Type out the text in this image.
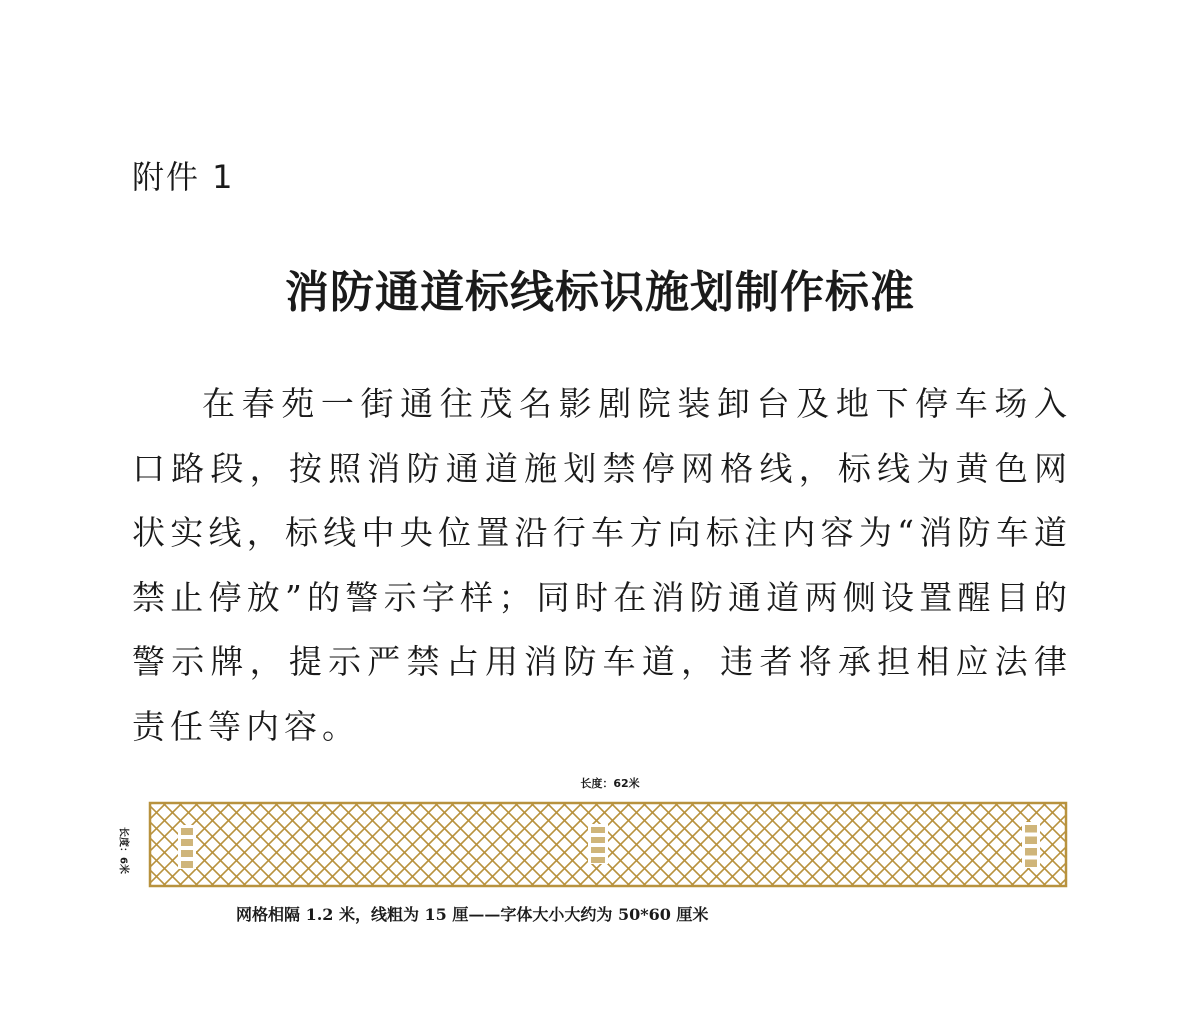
附件 1
消防通道标线标识施划制作标准
在春苑一街通往茂名影剧院装卸台及地下停车场入口路段，按照消防通道施划禁停网格线，标线为黄色网状实线，标线中央位置沿行车方向标注内容为“消防车道 禁止停放”的警示字样；同时在消防通道两侧设置醒目的警示牌，提示严禁占用消防车道，违者将承担相应法律责任等内容。
长度：62米
长度：6米
网格相隔 1.2 米，线粗为 15 厘——字体大小大约为 50*60 厘米
